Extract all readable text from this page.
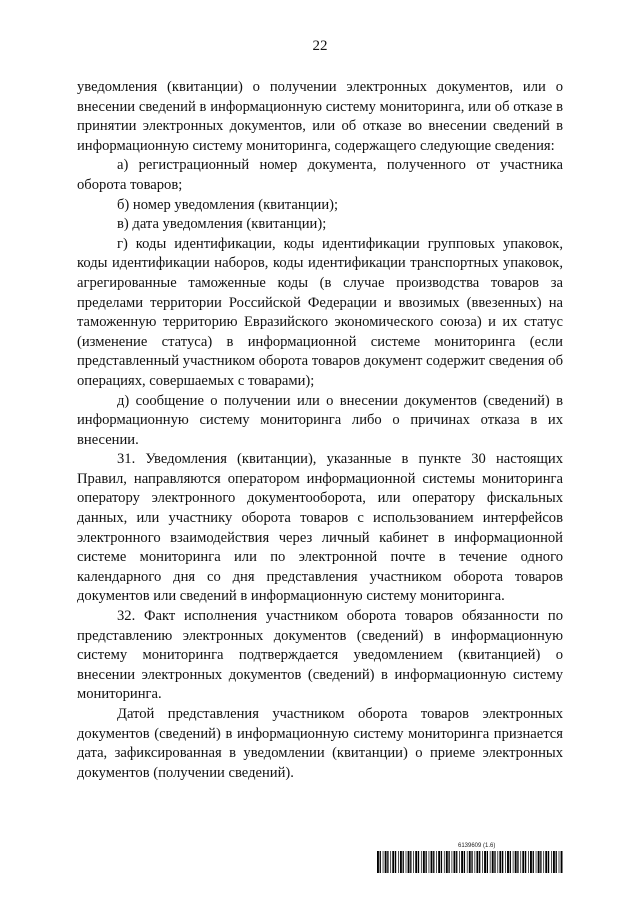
22

уведомления (квитанции) о получении электронных документов, или о внесении сведений в информационную систему мониторинга, или об отказе в принятии электронных документов, или об отказе во внесении сведений в информационную систему мониторинга, содержащего следующие сведения:

а) регистрационный номер документа, полученного от участника оборота товаров;

б) номер уведомления (квитанции);

в) дата уведомления (квитанции);

г) коды идентификации, коды идентификации групповых упаковок, коды идентификации наборов, коды идентификации транспортных упаковок, агрегированные таможенные коды (в случае производства товаров за пределами территории Российской Федерации и ввозимых (ввезенных) на таможенную территорию Евразийского экономического союза) и их статус (изменение статуса) в информационной системе мониторинга (если представленный участником оборота товаров документ содержит сведения об операциях, совершаемых с товарами);

д) сообщение о получении или о внесении документов (сведений) в информационную систему мониторинга либо о причинах отказа в их внесении.

31. Уведомления (квитанции), указанные в пункте 30 настоящих Правил, направляются оператором информационной системы мониторинга оператору электронного документооборота, или оператору фискальных данных, или участнику оборота товаров с использованием интерфейсов электронного взаимодействия через личный кабинет в информационной системе мониторинга или по электронной почте в течение одного календарного дня со дня представления участником оборота товаров документов или сведений в информационную систему мониторинга.

32. Факт исполнения участником оборота товаров обязанности по представлению электронных документов (сведений) в информационную систему мониторинга подтверждается уведомлением (квитанцией) о внесении электронных документов (сведений) в информационную систему мониторинга.

Датой представления участником оборота товаров электронных документов (сведений) в информационную систему мониторинга признается дата, зафиксированная в уведомлении (квитанции) о приеме электронных документов (получении сведений).

6139609 (1.6)
